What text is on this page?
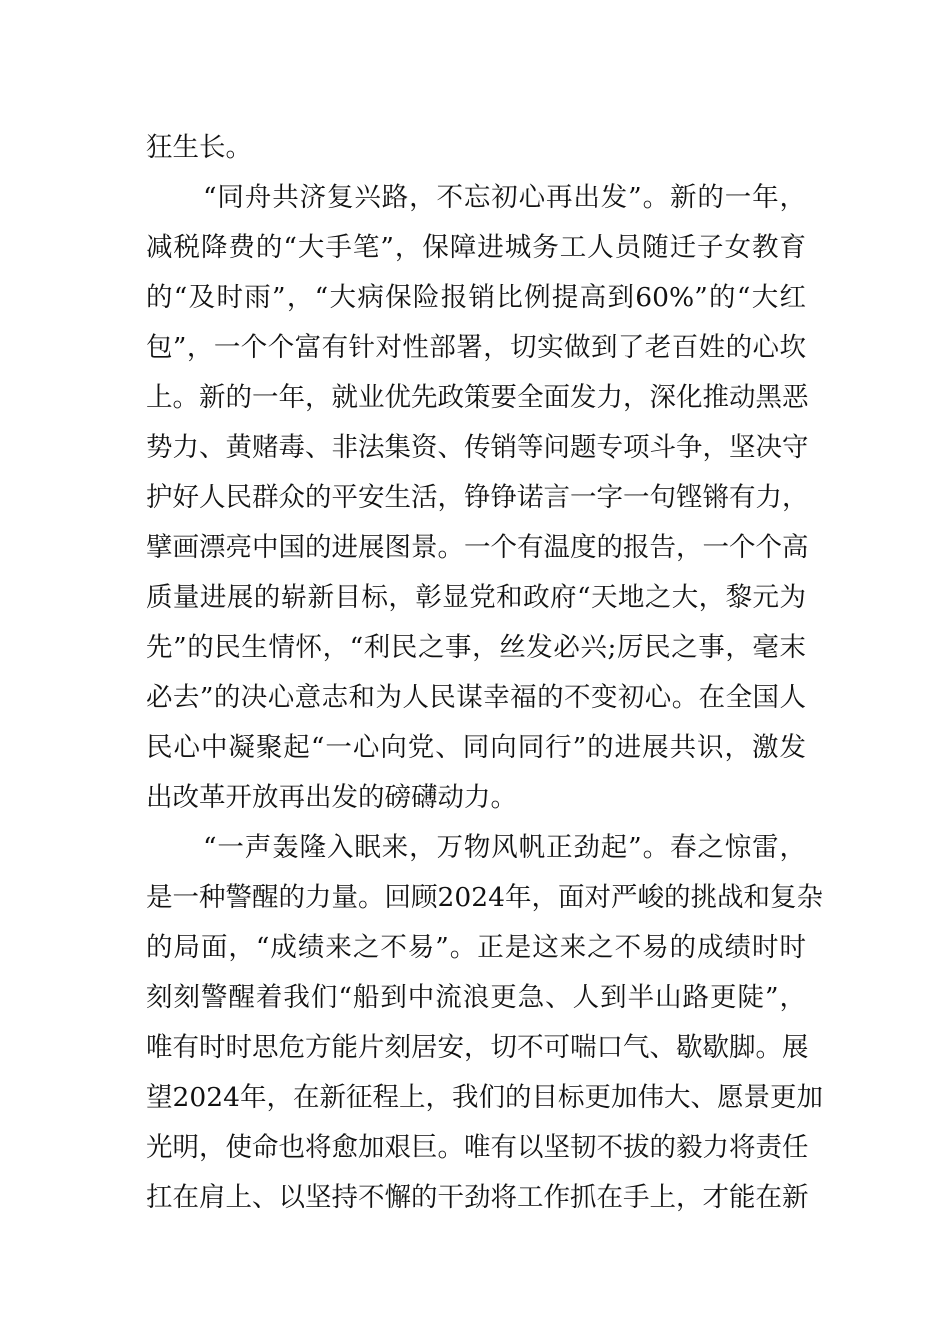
狂生长。
“同舟共济复兴路，不忘初心再出发”。新的一年，
减税降费的“大手笔”，保障进城务工人员随迁子女教育
的“及时雨”，“大病保险报销比例提高到60%”的“大红
包”，一个个富有针对性部署，切实做到了老百姓的心坎
上。新的一年，就业优先政策要全面发力，深化推动黑恶
势力、黄赌毒、非法集资、传销等问题专项斗争，坚决守
护好人民群众的平安生活，铮铮诺言一字一句铿锵有力，
擘画漂亮中国的进展图景。一个有温度的报告，一个个高
质量进展的崭新目标，彰显党和政府“天地之大，黎元为
先”的民生情怀，“利民之事，丝发必兴;厉民之事，毫末
必去”的决心意志和为人民谋幸福的不变初心。在全国人
民心中凝聚起“一心向党、同向同行”的进展共识，激发
出改革开放再出发的磅礴动力。
“一声轰隆入眠来，万物风帆正劲起”。春之惊雷，
是一种警醒的力量。回顾2024年，面对严峻的挑战和复杂
的局面，“成绩来之不易”。正是这来之不易的成绩时时
刻刻警醒着我们“船到中流浪更急、人到半山路更陡”，
唯有时时思危方能片刻居安，切不可喘口气、歇歇脚。展
望2024年，在新征程上，我们的目标更加伟大、愿景更加
光明，使命也将愈加艰巨。唯有以坚韧不拔的毅力将责任
扛在肩上、以坚持不懈的干劲将工作抓在手上，才能在新
